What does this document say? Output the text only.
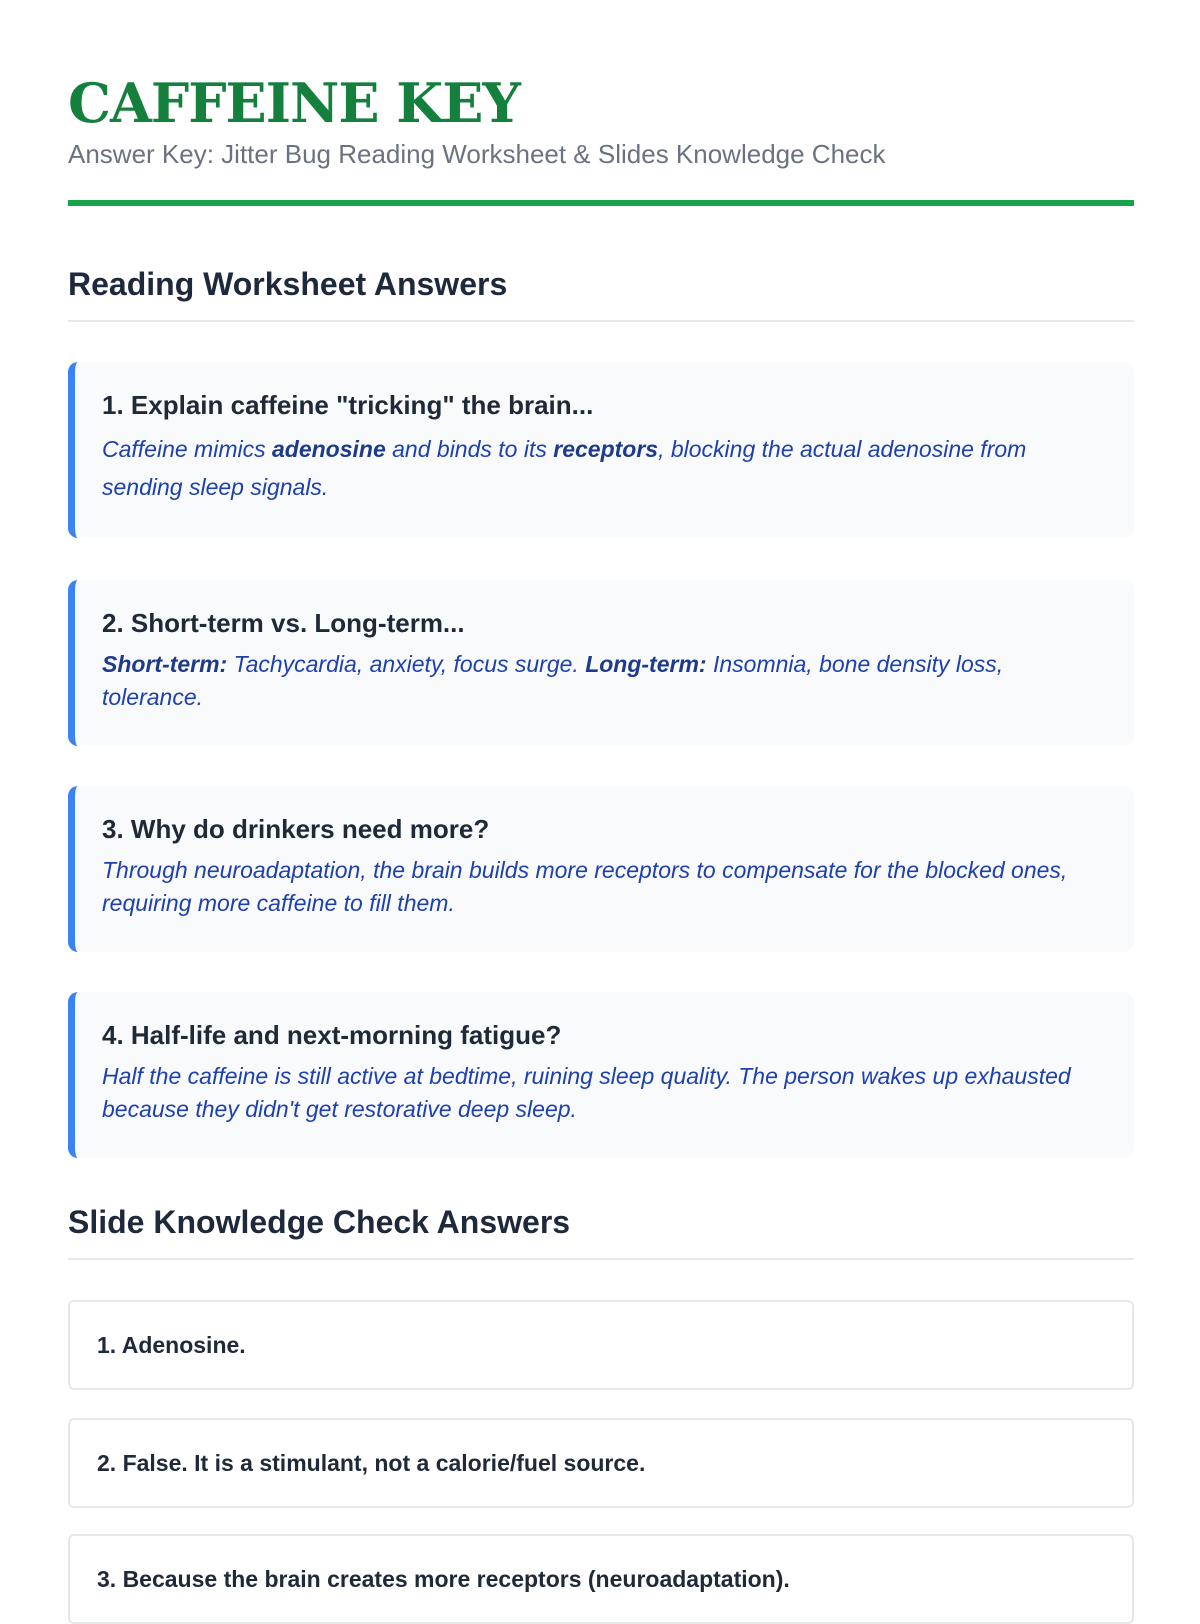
CAFFEINE KEY
Answer Key: Jitter Bug Reading Worksheet & Slides Knowledge Check
Reading Worksheet Answers

1. Explain caffeine "tricking" the brain...

Caffeine mimics adenosine and binds to its receptors, blocking the actual adenosine from sending sleep signals.

2. Short-term vs. Long-term...

Short-term: Tachycardia, anxiety, focus surge. Long-term: Insomnia, bone density loss, tolerance.

3. Why do drinkers need more?

Through neuroadaptation, the brain builds more receptors to compensate for the blocked ones, requiring more caffeine to fill them.

4. Half-life and next-morning fatigue?

Half the caffeine is still active at bedtime, ruining sleep quality. The person wakes up exhausted because they didn't get restorative deep sleep.

Slide Knowledge Check Answers
1. Adenosine.
2. False. It is a stimulant, not a calorie/fuel source.
3. Because the brain creates more receptors (neuroadaptation).
